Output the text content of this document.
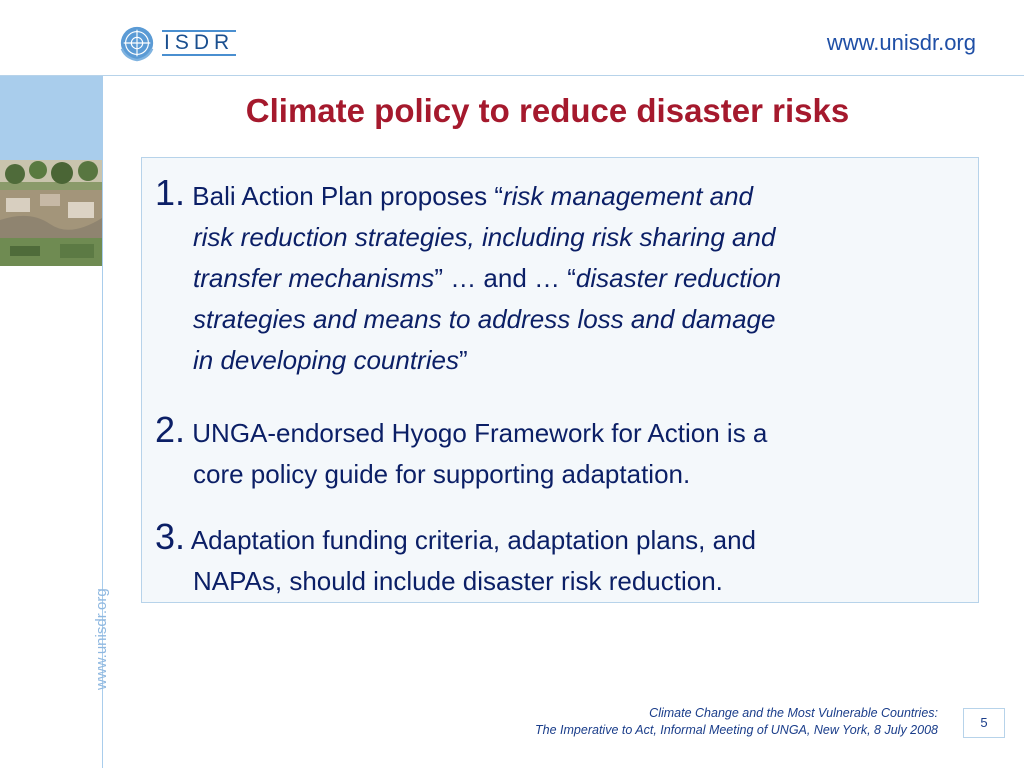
ISDR	www.unisdr.org
www.unisdr.org
Climate policy to reduce disaster risks
1. Bali Action Plan proposes “risk management and
risk reduction strategies, including risk sharing and
transfer mechanisms” … and … “disaster reduction
strategies and means to address loss and damage
in developing countries”
2. UNGA-endorsed Hyogo Framework for Action is a
core policy guide for supporting adaptation.
3. Adaptation funding criteria, adaptation plans, and
NAPAs, should include disaster risk reduction.
Climate Change and the Most Vulnerable Countries:
The Imperative to Act, Informal Meeting of UNGA, New York, 8 July 2008	5
